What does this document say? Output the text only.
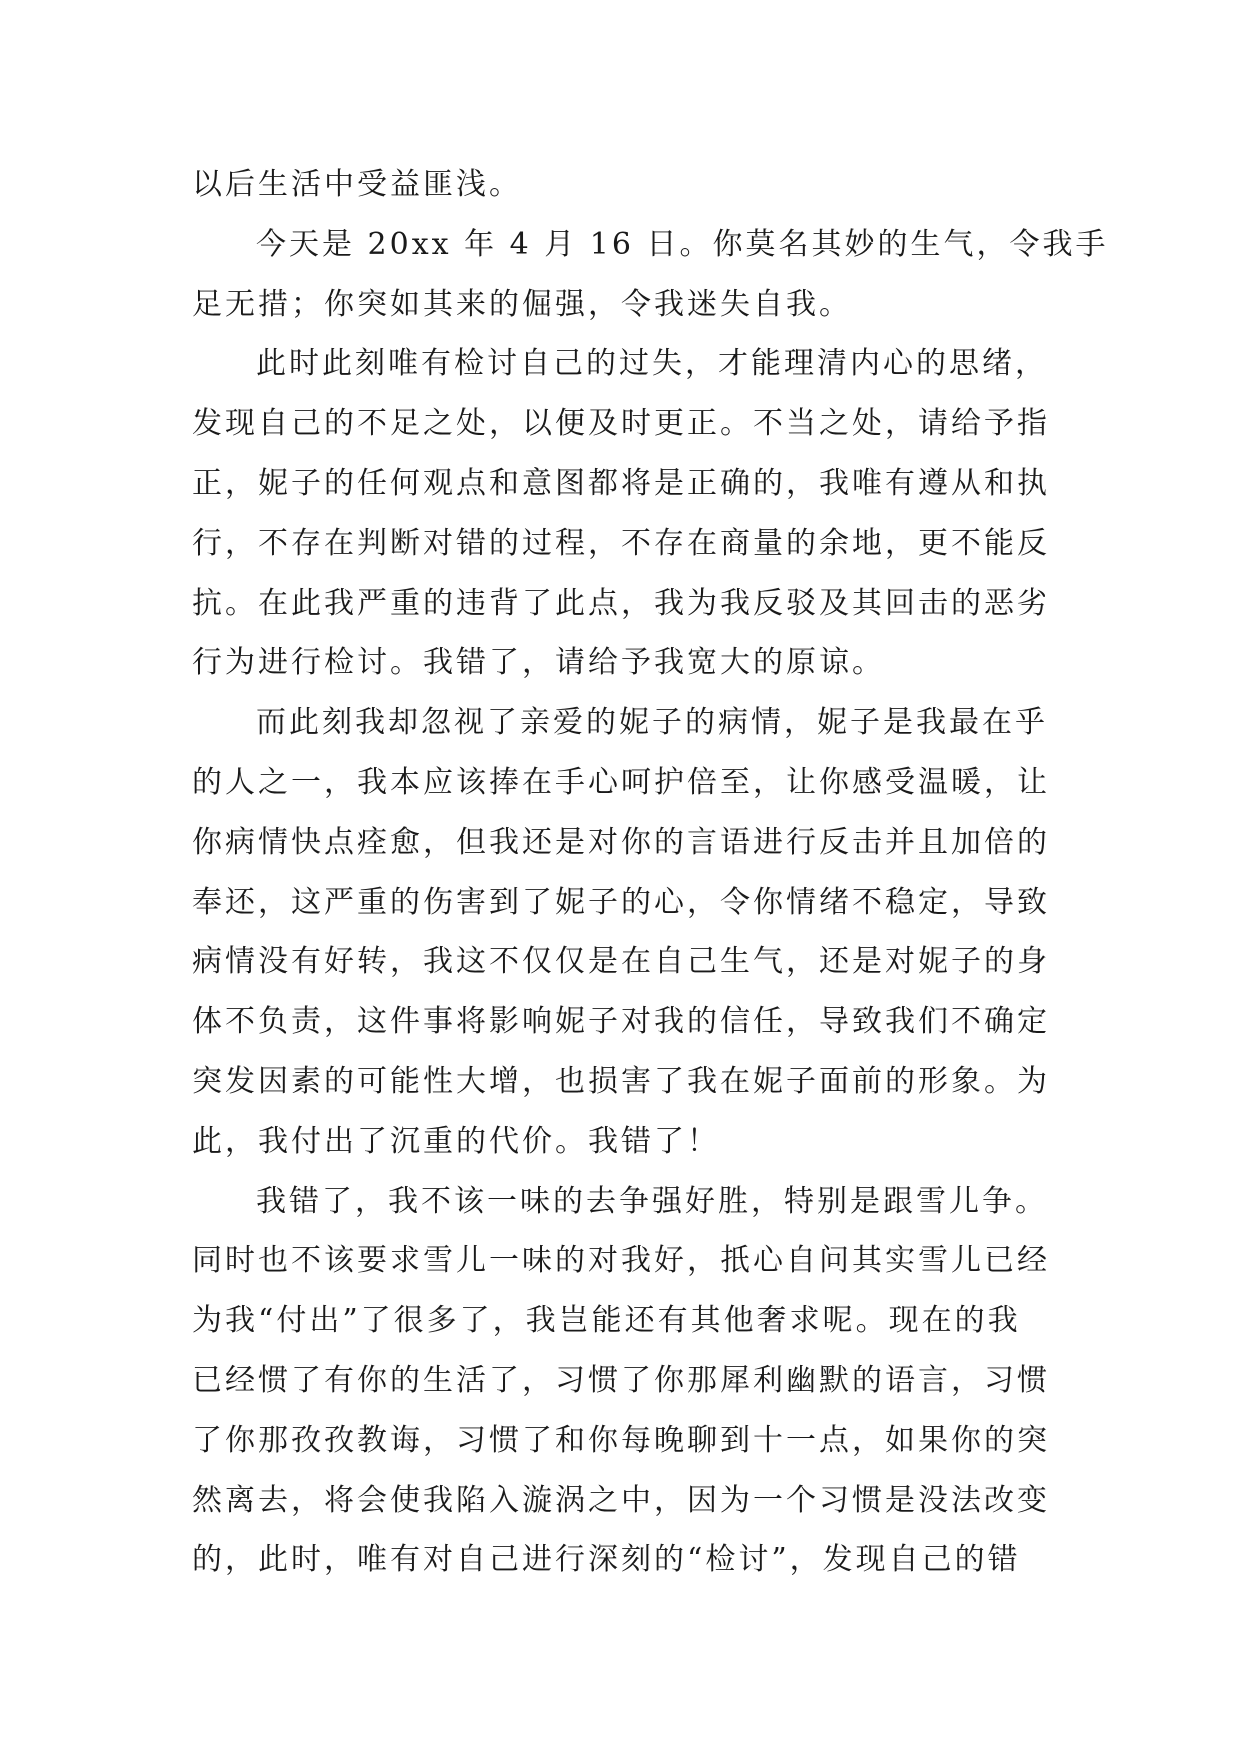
以后生活中受益匪浅。
今天是 20xx 年 4 月 16 日。你莫名其妙的生气，令我手
足无措；你突如其来的倔强，令我迷失自我。
此时此刻唯有检讨自己的过失，才能理清内心的思绪，
发现自己的不足之处，以便及时更正。不当之处，请给予指
正，妮子的任何观点和意图都将是正确的，我唯有遵从和执
行，不存在判断对错的过程，不存在商量的余地，更不能反
抗。在此我严重的违背了此点，我为我反驳及其回击的恶劣
行为进行检讨。我错了，请给予我宽大的原谅。
而此刻我却忽视了亲爱的妮子的病情，妮子是我最在乎
的人之一，我本应该捧在手心呵护倍至，让你感受温暖，让
你病情快点痊愈，但我还是对你的言语进行反击并且加倍的
奉还，这严重的伤害到了妮子的心，令你情绪不稳定，导致
病情没有好转，我这不仅仅是在自己生气，还是对妮子的身
体不负责，这件事将影响妮子对我的信任，导致我们不确定
突发因素的可能性大增，也损害了我在妮子面前的形象。为
此，我付出了沉重的代价。我错了！
我错了，我不该一味的去争强好胜，特别是跟雪儿争。
同时也不该要求雪儿一味的对我好，扺心自问其实雪儿已经
为我“付出”了很多了，我岂能还有其他奢求呢。现在的我
已经惯了有你的生活了，习惯了你那犀利幽默的语言，习惯
了你那孜孜教诲，习惯了和你每晚聊到十一点，如果你的突
然离去，将会使我陷入漩涡之中，因为一个习惯是没法改变
的，此时，唯有对自己进行深刻的“检讨”，发现自己的错
